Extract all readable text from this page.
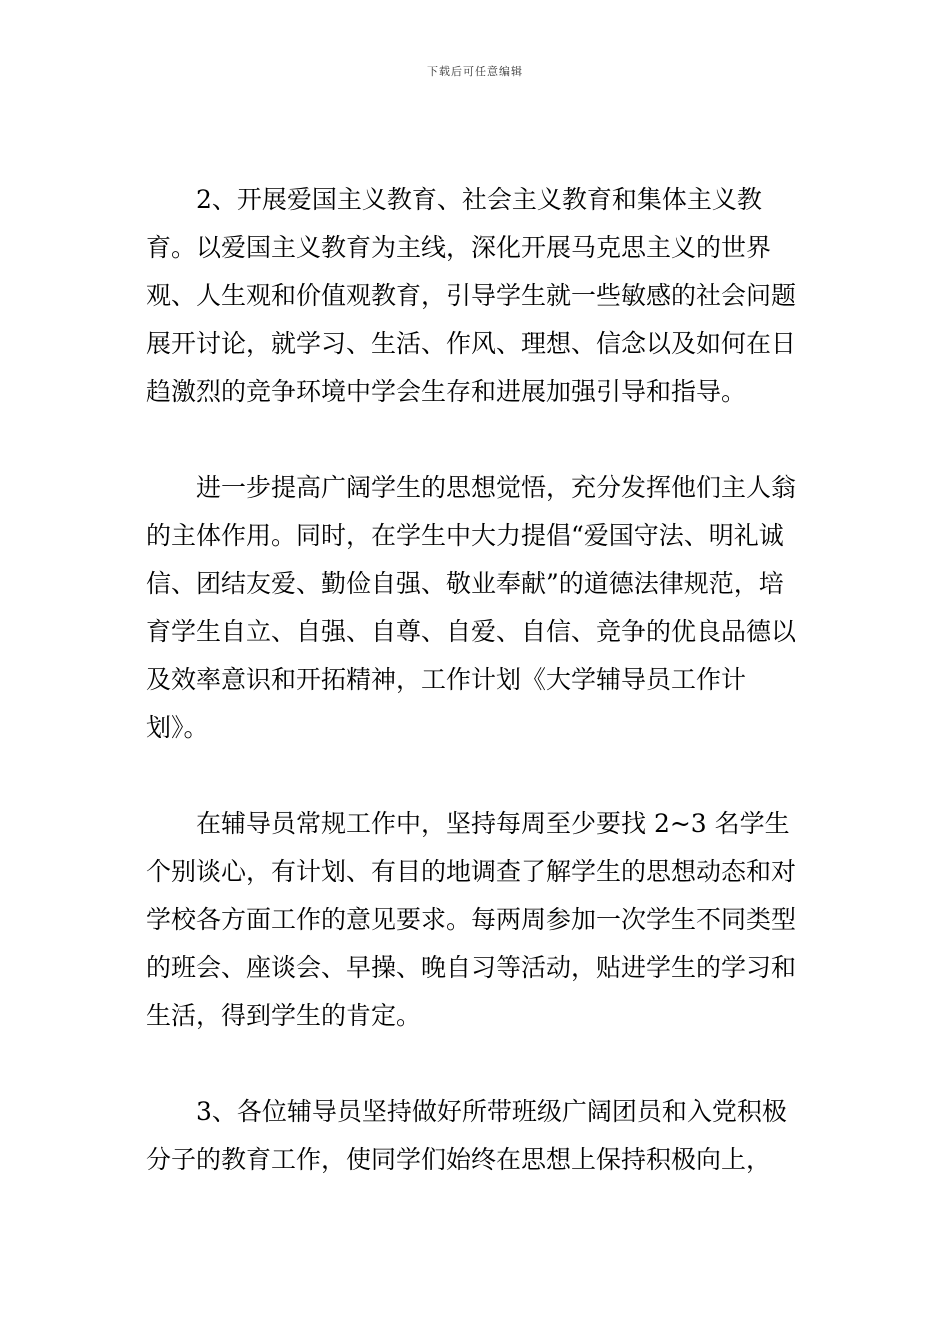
下载后可任意编辑

2、开展爱国主义教育、社会主义教育和集体主义教育。以爱国主义教育为主线，深化开展马克思主义的世界观、人生观和价值观教育，引导学生就一些敏感的社会问题展开讨论，就学习、生活、作风、理想、信念以及如何在日趋激烈的竞争环境中学会生存和进展加强引导和指导。

进一步提高广阔学生的思想觉悟，充分发挥他们主人翁的主体作用。同时，在学生中大力提倡“爱国守法、明礼诚信、团结友爱、勤俭自强、敬业奉献”的道德法律规范，培育学生自立、自强、自尊、自爱、自信、竞争的优良品德以及效率意识和开拓精神，工作计划《大学辅导员工作计划》。

在辅导员常规工作中，坚持每周至少要找 2~3 名学生个别谈心，有计划、有目的地调查了解学生的思想动态和对学校各方面工作的意见要求。每两周参加一次学生不同类型的班会、座谈会、早操、晚自习等活动，贴进学生的学习和生活，得到学生的肯定。

3、各位辅导员坚持做好所带班级广阔团员和入党积极分子的教育工作，使同学们始终在思想上保持积极向上，
